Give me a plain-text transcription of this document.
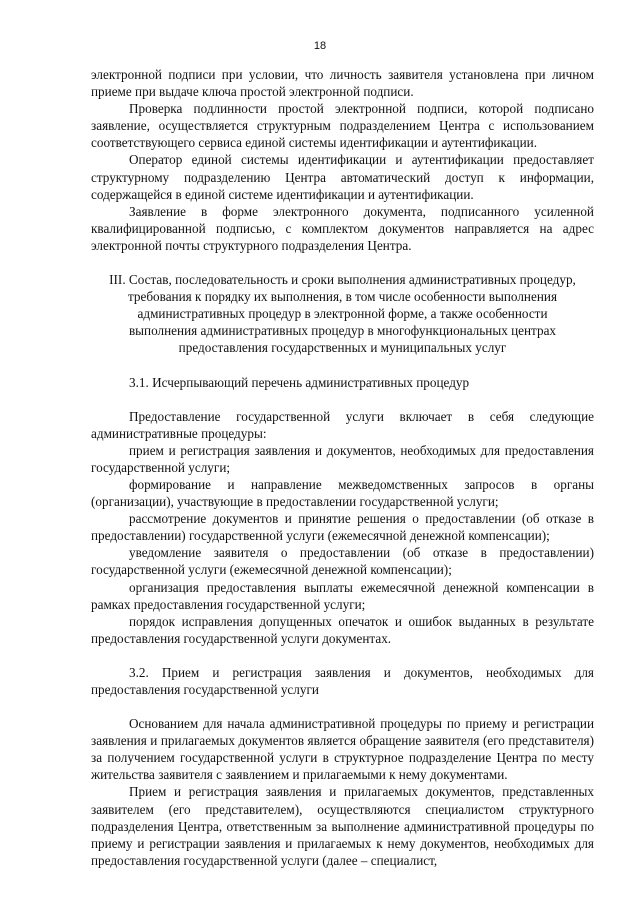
18

электронной подписи при условии, что личность заявителя установлена при личном приеме при выдаче ключа простой электронной подписи.

Проверка подлинности простой электронной подписи, которой подписано заявление, осуществляется структурным подразделением Центра с использованием соответствующего сервиса единой системы идентификации и аутентификации.

Оператор единой системы идентификации и аутентификации предоставляет структурному подразделению Центра автоматический доступ к информации, содержащейся в единой системе идентификации и аутентификации.

Заявление в форме электронного документа, подписанного усиленной квалифицированной подписью, с комплектом документов направляется на адрес электронной почты структурного подразделения Центра.

III. Состав, последовательность и сроки выполнения административных процедур, требования к порядку их выполнения, в том числе особенности выполнения административных процедур в электронной форме, а также особенности выполнения административных процедур в многофункциональных центрах предоставления государственных и муниципальных услуг

3.1. Исчерпывающий перечень административных процедур

Предоставление государственной услуги включает в себя следующие административные процедуры:

прием и регистрация заявления и документов, необходимых для предоставления государственной услуги;

формирование и направление межведомственных запросов в органы (организации), участвующие в предоставлении государственной услуги;

рассмотрение документов и принятие решения о предоставлении (об отказе в предоставлении) государственной услуги (ежемесячной денежной компенсации);

уведомление заявителя о предоставлении (об отказе в предоставлении) государственной услуги (ежемесячной денежной компенсации);

организация предоставления выплаты ежемесячной денежной компенсации в рамках предоставления государственной услуги;

порядок исправления допущенных опечаток и ошибок выданных в результате предоставления государственной услуги документах.

3.2. Прием и регистрация заявления и документов, необходимых для предоставления государственной услуги

Основанием для начала административной процедуры по приему и регистрации заявления и прилагаемых документов является обращение заявителя (его представителя) за получением государственной услуги в структурное подразделение Центра по месту жительства заявителя с заявлением и прилагаемыми к нему документами.

Прием и регистрация заявления и прилагаемых документов, представленных заявителем (его представителем), осуществляются специалистом структурного подразделения Центра, ответственным за выполнение административной процедуры по приему и регистрации заявления и прилагаемых к нему документов, необходимых для предоставления государственной услуги (далее – специалист,
